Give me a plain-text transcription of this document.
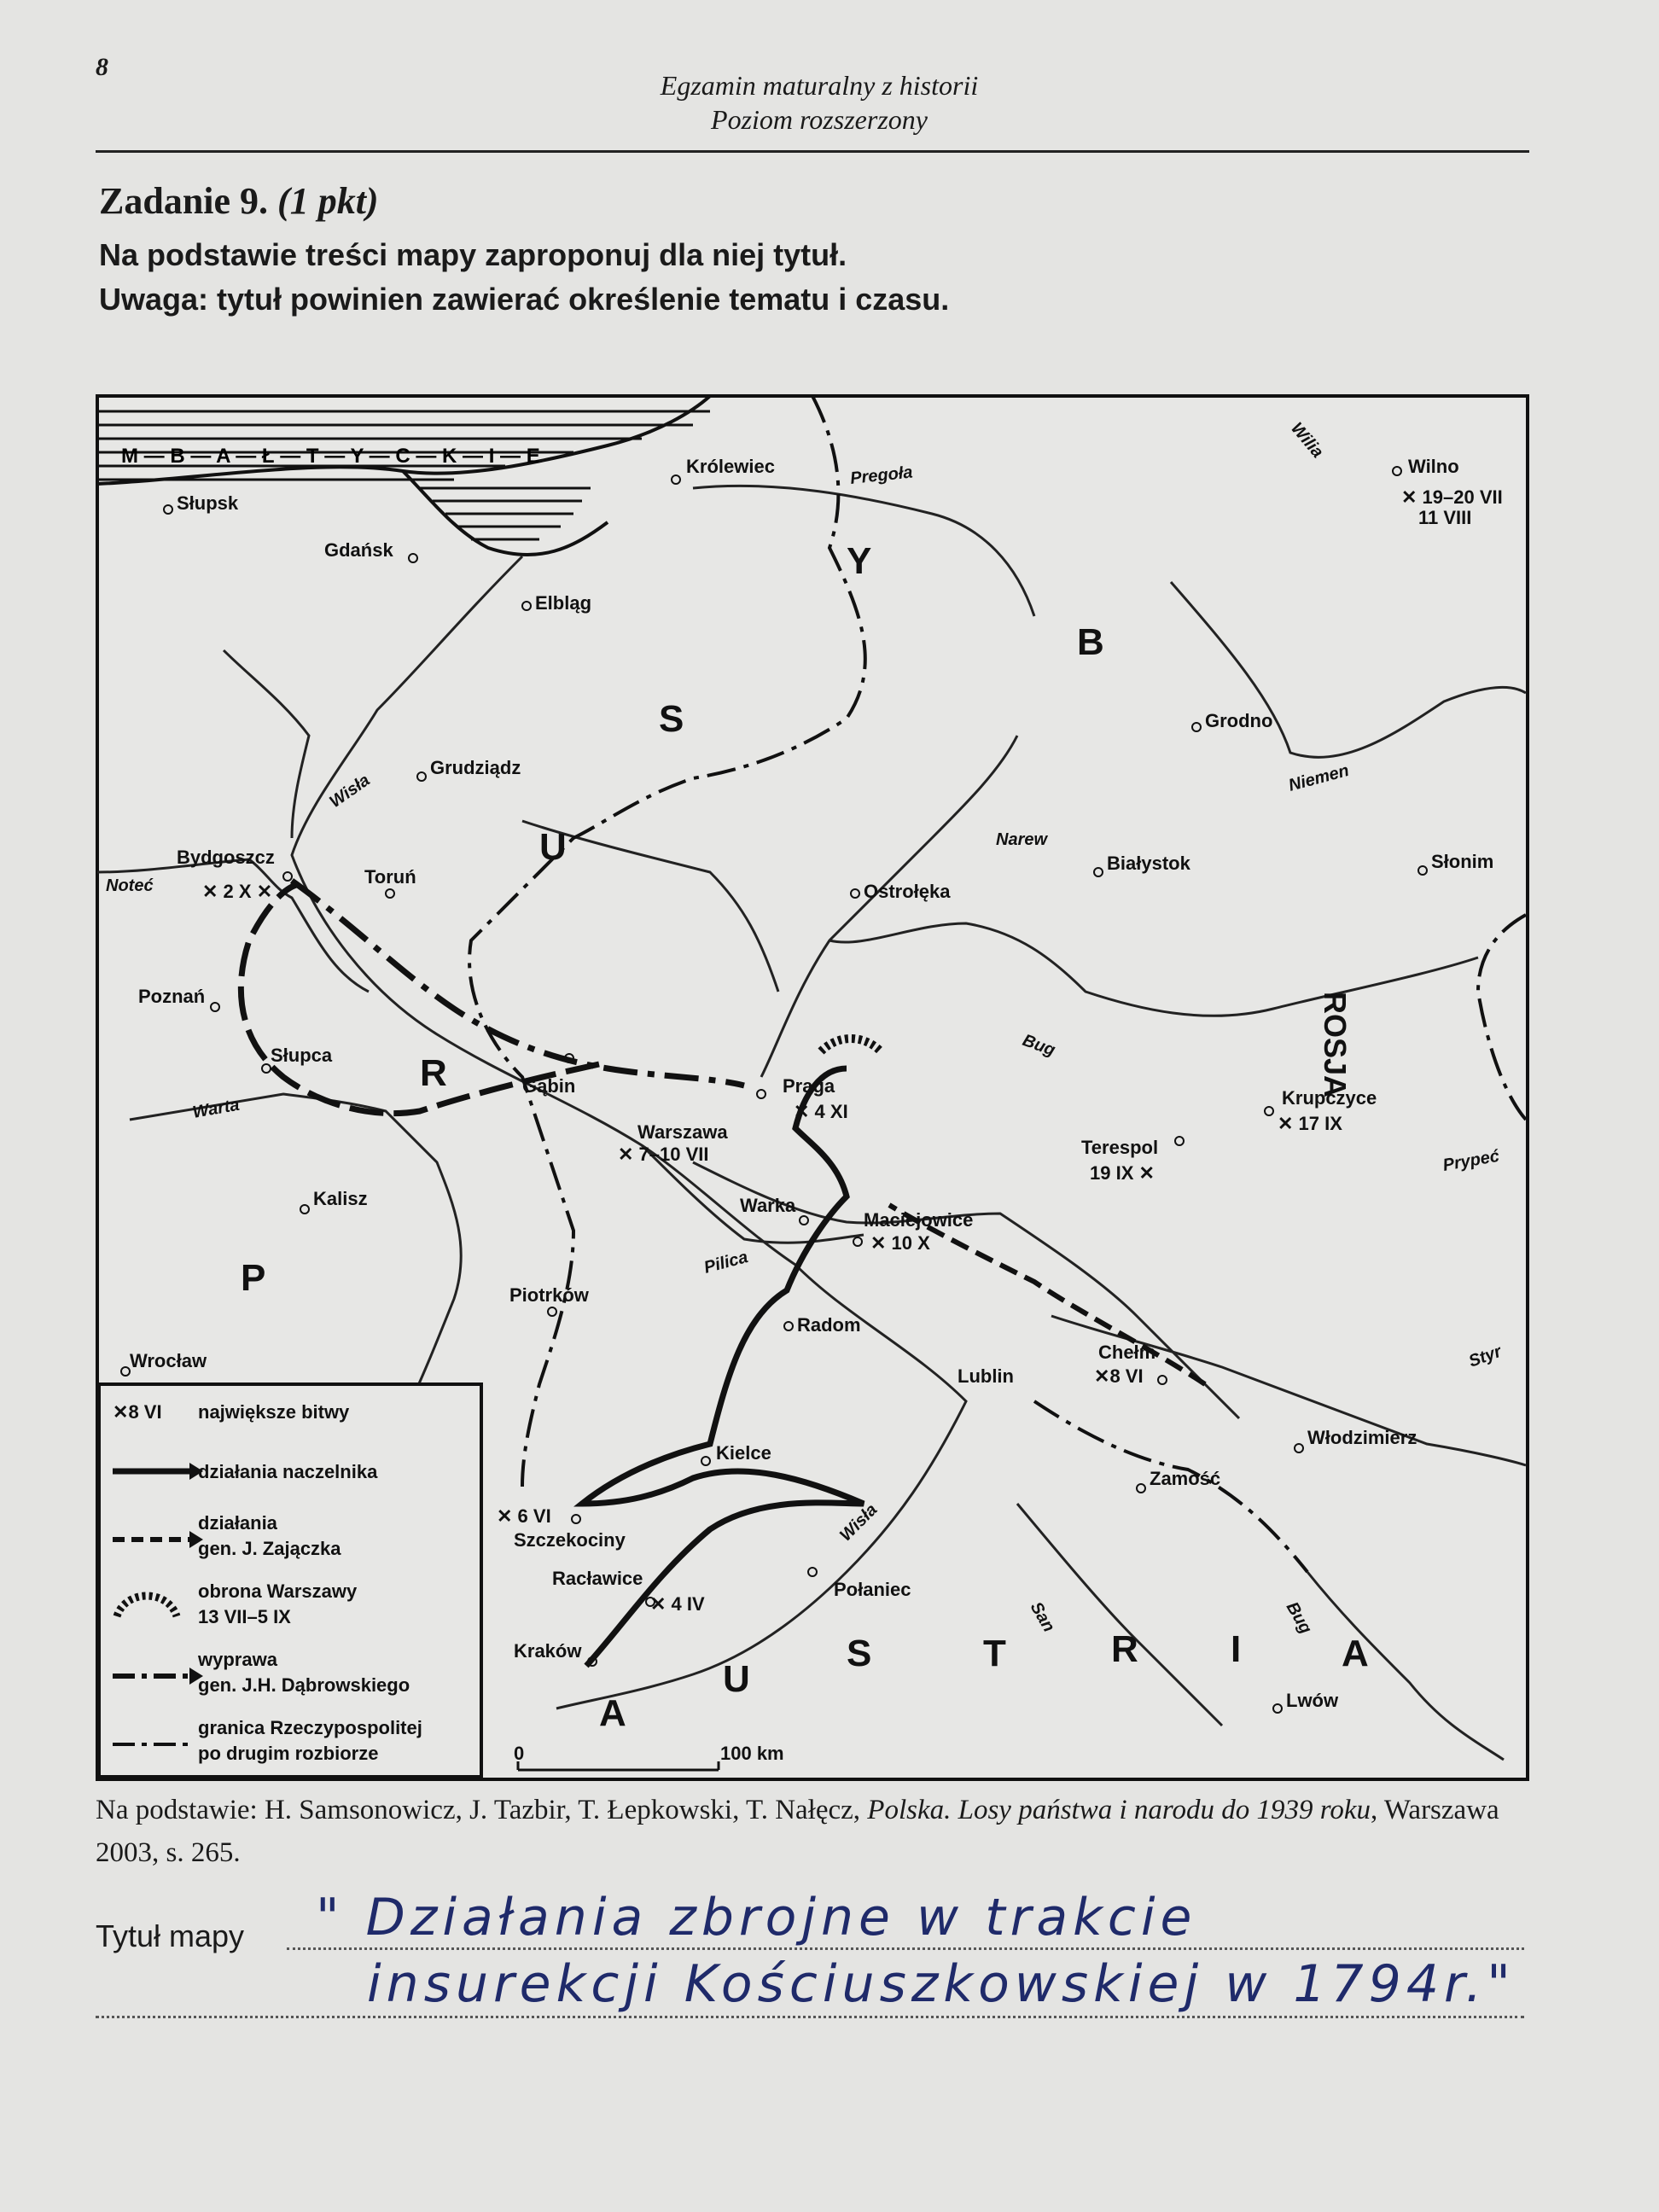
8
Egzamin maturalny z historii
Poziom rozszerzony
Zadanie 9. (1 pkt)
Na podstawie treści mapy zaproponuj dla niej tytuł.
Uwaga: tytuł powinien zawierać określenie tematu i czasu.
M — B — A — Ł — T — Y — C — K — I — E
Y
S
U
R
P
B
ROSJA
A
U
S	T	R I	A
Wisła
Pregoła
Niemen
Narew
Noteć
Warta
Bug
Pilica
Prypeć
Styr
San
Wisła
Wilia
Bug
Słupsk
Gdańsk
Elbląg
Królewiec	Wilno
Grudziądz
Grodno
Bydgoszcz
Toruń
Ostrołęka
Białystok	Słonim
Poznań
Słupca
Gąbin	Praga
Warszawa
Kalisz	Warka
Maciejowice
Krupczyce
Terespol
Piotrków
Radom
Lublin
Chełm
Wrocław
Kielce
Włodzimierz
Zamość
Szczekociny
Połaniec
Racławice
Kraków
Lwów
✕ 19–20 VII
11 VIII
✕ 2 X ✕
✕ 4 XI
✕ 7–10 VII
✕ 10 X
✕ 17 IX
19 IX ✕
✕8 VI
✕ 6 VI
✕ 4 IV
✕8 VI największe bitwy
działania naczelnika
działania
gen. J. Zajączka
obrona Warszawy
13 VII–5 IX
wyprawa
gen. J.H. Dąbrowskiego
granica Rzeczypospolitej
po drugim rozbiorze	0	100 km
Na podstawie: H. Samsonowicz, J. Tazbir, T. Łepkowski, T. Nałęcz, Polska. Losy państwa i narodu do 1939 roku, Warszawa 2003, s. 265.
Tytuł mapy " Działania zbrojne w trakcie
insurekcji Kościuszkowskiej w 1794r."
